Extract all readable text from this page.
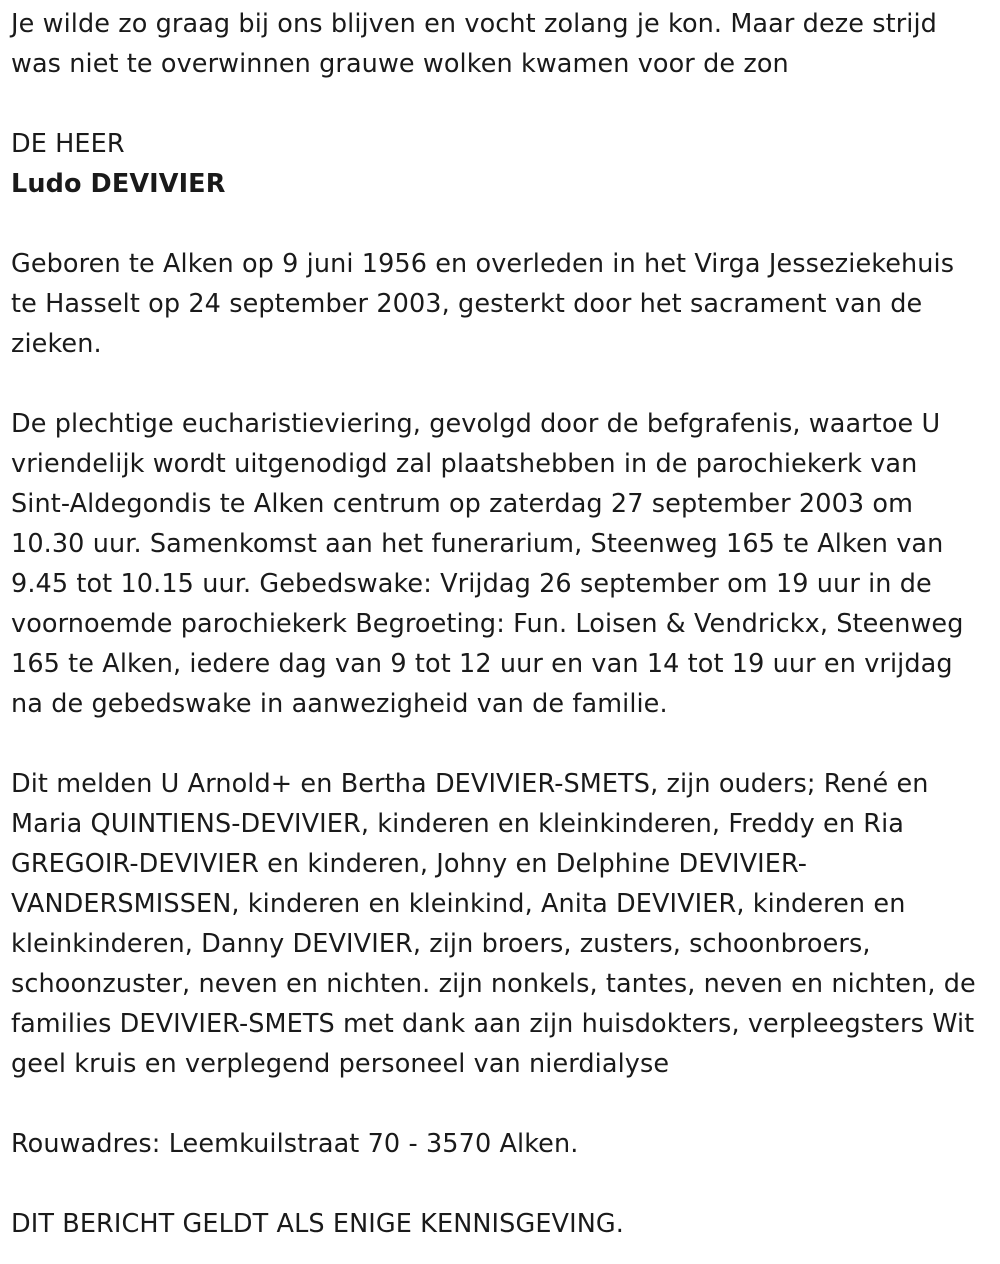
Je wilde zo graag bij ons blijven en vocht zolang je kon. Maar deze strijd was niet te overwinnen grauwe wolken kwamen voor de zon

DE HEER

Ludo DEVIVIER

Geboren te Alken op 9 juni 1956 en overleden in het Virga Jesseziekehuis te Hasselt op 24 september 2003, gesterkt door het sacrament van de zieken.

De plechtige eucharistieviering, gevolgd door de befgrafenis, waartoe U vriendelijk wordt uitgenodigd zal plaatshebben in de parochiekerk van Sint-Aldegondis te Alken centrum op zaterdag 27 september 2003 om 10.30 uur. Samenkomst aan het funerarium, Steenweg 165 te Alken van 9.45 tot 10.15 uur. Gebedswake: Vrijdag 26 september om 19 uur in de voornoemde parochiekerk Begroeting: Fun. Loisen & Vendrickx, Steenweg 165 te Alken, iedere dag van 9 tot 12 uur en van 14 tot 19 uur en vrijdag na de gebedswake in aanwezigheid van de familie.

Dit melden U Arnold+ en Bertha DEVIVIER-SMETS, zijn ouders; René en Maria QUINTIENS-DEVIVIER, kinderen en kleinkinderen, Freddy en Ria GREGOIR-DEVIVIER en kinderen, Johny en Delphine DEVIVIER-VANDERSMISSEN, kinderen en kleinkind, Anita DEVIVIER, kinderen en kleinkinderen, Danny DEVIVIER, zijn broers, zusters, schoonbroers, schoonzuster, neven en nichten. zijn nonkels, tantes, neven en nichten, de families DEVIVIER-SMETS met dank aan zijn huisdokters, verpleegsters Wit geel kruis en verplegend personeel van nierdialyse

Rouwadres: Leemkuilstraat 70 - 3570 Alken.

DIT BERICHT GELDT ALS ENIGE KENNISGEVING.
